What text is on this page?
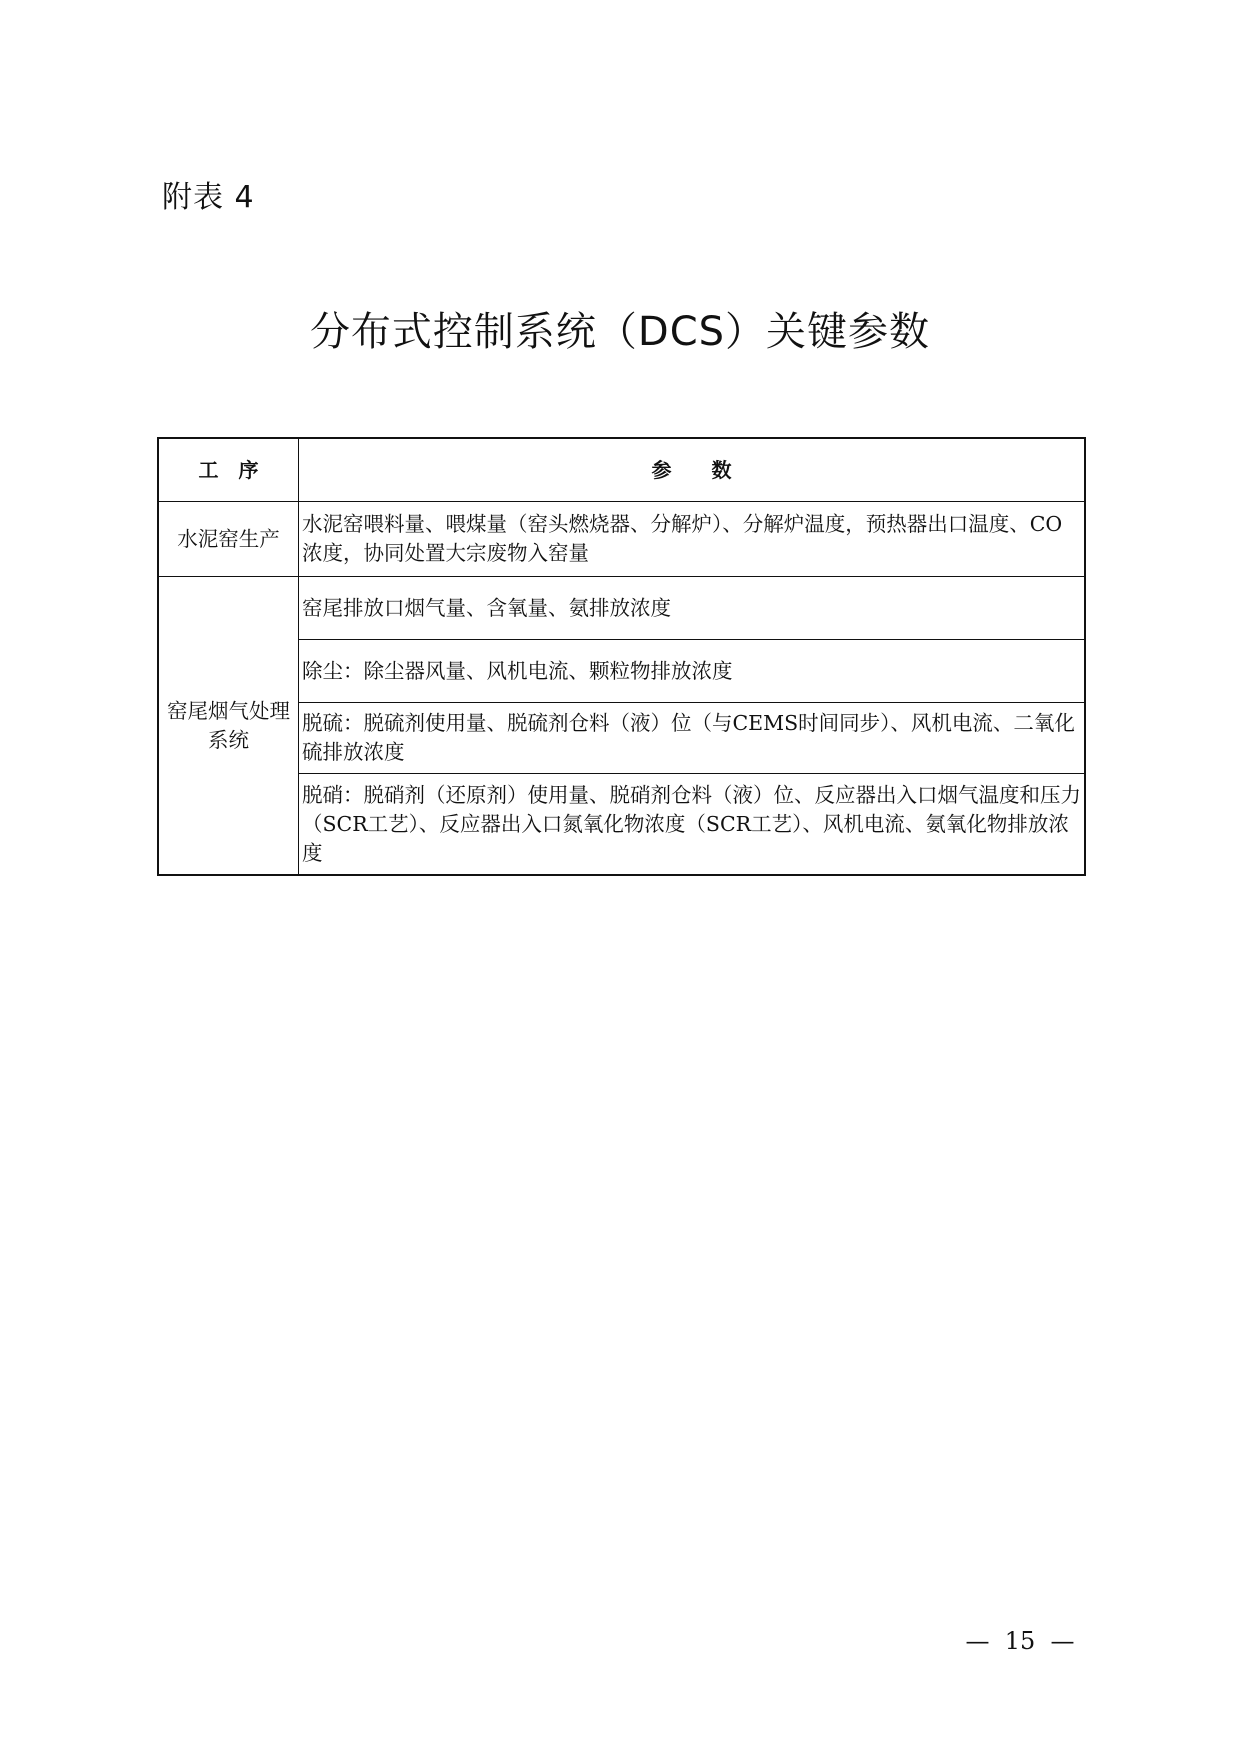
附表 4
分布式控制系统（DCS）关键参数
工　序	参　　数
水泥窑生产	水泥窑喂料量、喂煤量（窑头燃烧器、分解炉）、分解炉温度，预热器出口温度、CO浓度，协同处置大宗废物入窑量
窑尾烟气处理系统	窑尾排放口烟气量、含氧量、氨排放浓度
	除尘：除尘器风量、风机电流、颗粒物排放浓度
	脱硫：脱硫剂使用量、脱硫剂仓料（液）位（与CEMS时间同步）、风机电流、二氧化硫排放浓度
	脱硝：脱硝剂（还原剂）使用量、脱硝剂仓料（液）位、反应器出入口烟气温度和压力（SCR工艺）、反应器出入口氮氧化物浓度（SCR工艺）、风机电流、氨氧化物排放浓度
—  15  —
